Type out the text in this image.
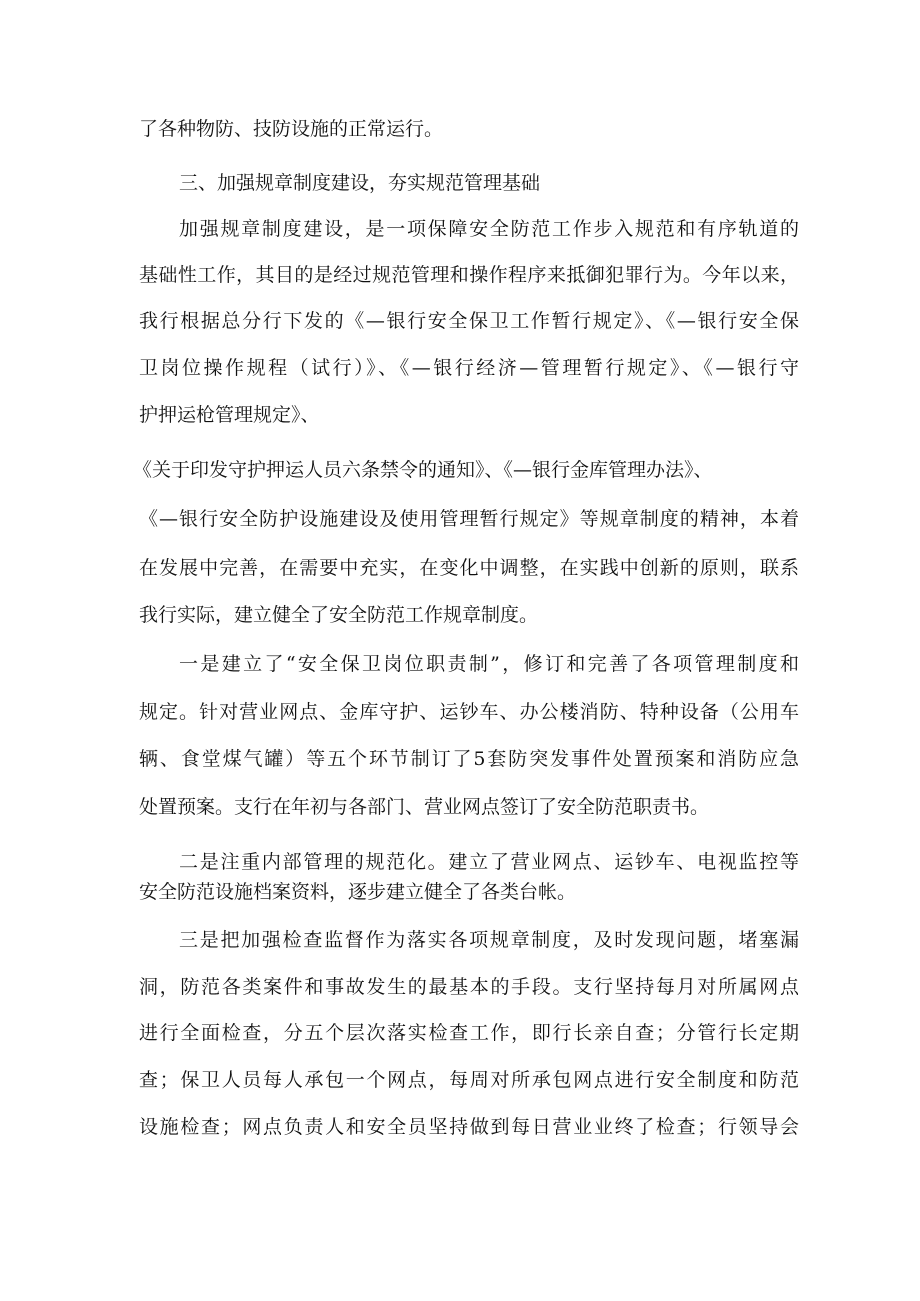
了各种物防、技防设施的正常运行。
三、加强规章制度建设，夯实规范管理基础
加强规章制度建设，是一项保障安全防范工作步入规范和有序轨道的
基础性工作，其目的是经过规范管理和操作程序来抵御犯罪行为。今年以来，
我行根据总分行下发的《—银行安全保卫工作暂行规定》、《—银行安全保
卫岗位操作规程（试行）》、《—银行经济—管理暂行规定》、《—银行守
护押运枪管理规定》、
《关于印发守护押运人员六条禁令的通知》、《—银行金库管理办法》、
《—银行安全防护设施建设及使用管理暂行规定》等规章制度的精神，本着
在发展中完善，在需要中充实，在变化中调整，在实践中创新的原则，联系
我行实际，建立健全了安全防范工作规章制度。
一是建立了“安全保卫岗位职责制”，修订和完善了各项管理制度和
规定。针对营业网点、金库守护、运钞车、办公楼消防、特种设备（公用车
辆、食堂煤气罐）等五个环节制订了5套防突发事件处置预案和消防应急
处置预案。支行在年初与各部门、营业网点签订了安全防范职责书。
二是注重内部管理的规范化。建立了营业网点、运钞车、电视监控等
安全防范设施档案资料，逐步建立健全了各类台帐。
三是把加强检查监督作为落实各项规章制度，及时发现问题，堵塞漏
洞，防范各类案件和事故发生的最基本的手段。支行坚持每月对所属网点
进行全面检查，分五个层次落实检查工作，即行长亲自查；分管行长定期
查；保卫人员每人承包一个网点，每周对所承包网点进行安全制度和防范
设施检查；网点负责人和安全员坚持做到每日营业业终了检查；行领导会
